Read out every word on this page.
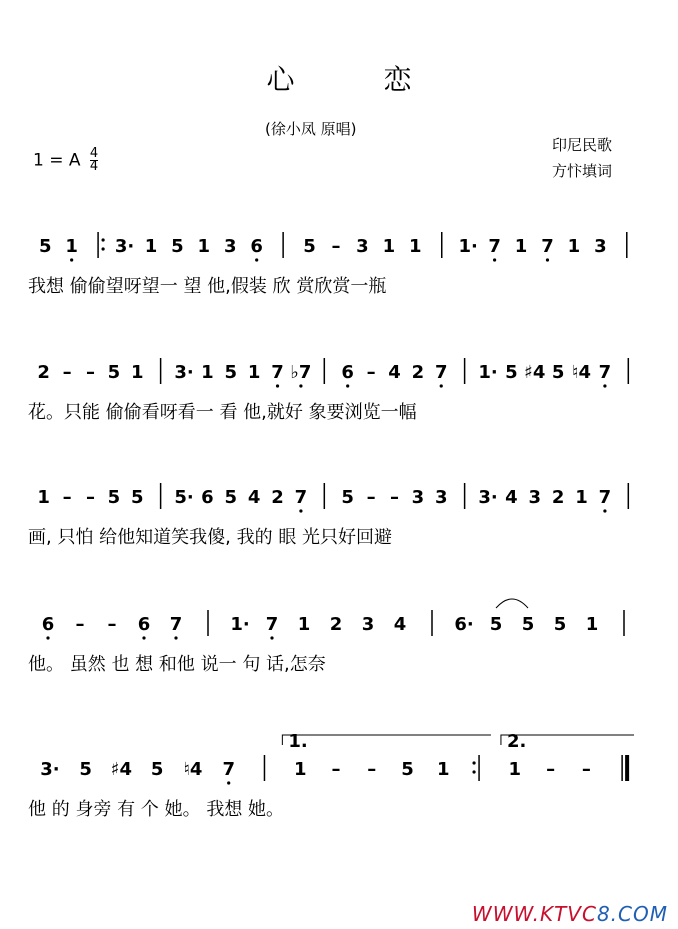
心 恋
(徐小凤 原唱)
印尼民歌
方忭填词
1 = A $\frac{4}{4}$
5 1 3· 1 5 1 3 6 5 – 3 1 1 1· 7 1 7 1 3
2 – – 5 1 3· 1 5 1 7 ♭7 6 – 4 2 7 1· 5 ♯4 5 ♮4 7
1 – – 5 5 5· 6 5 4 2 7 5 – – 3 3 3· 4 3 2 1 7
6 – – 6 7	1· 7 1 2 3 4	6· 5 5 5 1
3· 5 ♯4 5 ♮4 7	1 – – 5 1	1 – –
1.	2.
我想 偷偷望呀望一 望 他,假装 欣 赏欣赏一瓶
花。只能 偷偷看呀看一 看 他,就好 象要浏览一幅
画, 只怕 给他知道笑我傻, 我的 眼 光只好回避
他。 虽然 也 想 和他 说一 句 话,怎奈
他 的 身旁 有 个 她。 我想 她。
WWW.KTVC8.COM
